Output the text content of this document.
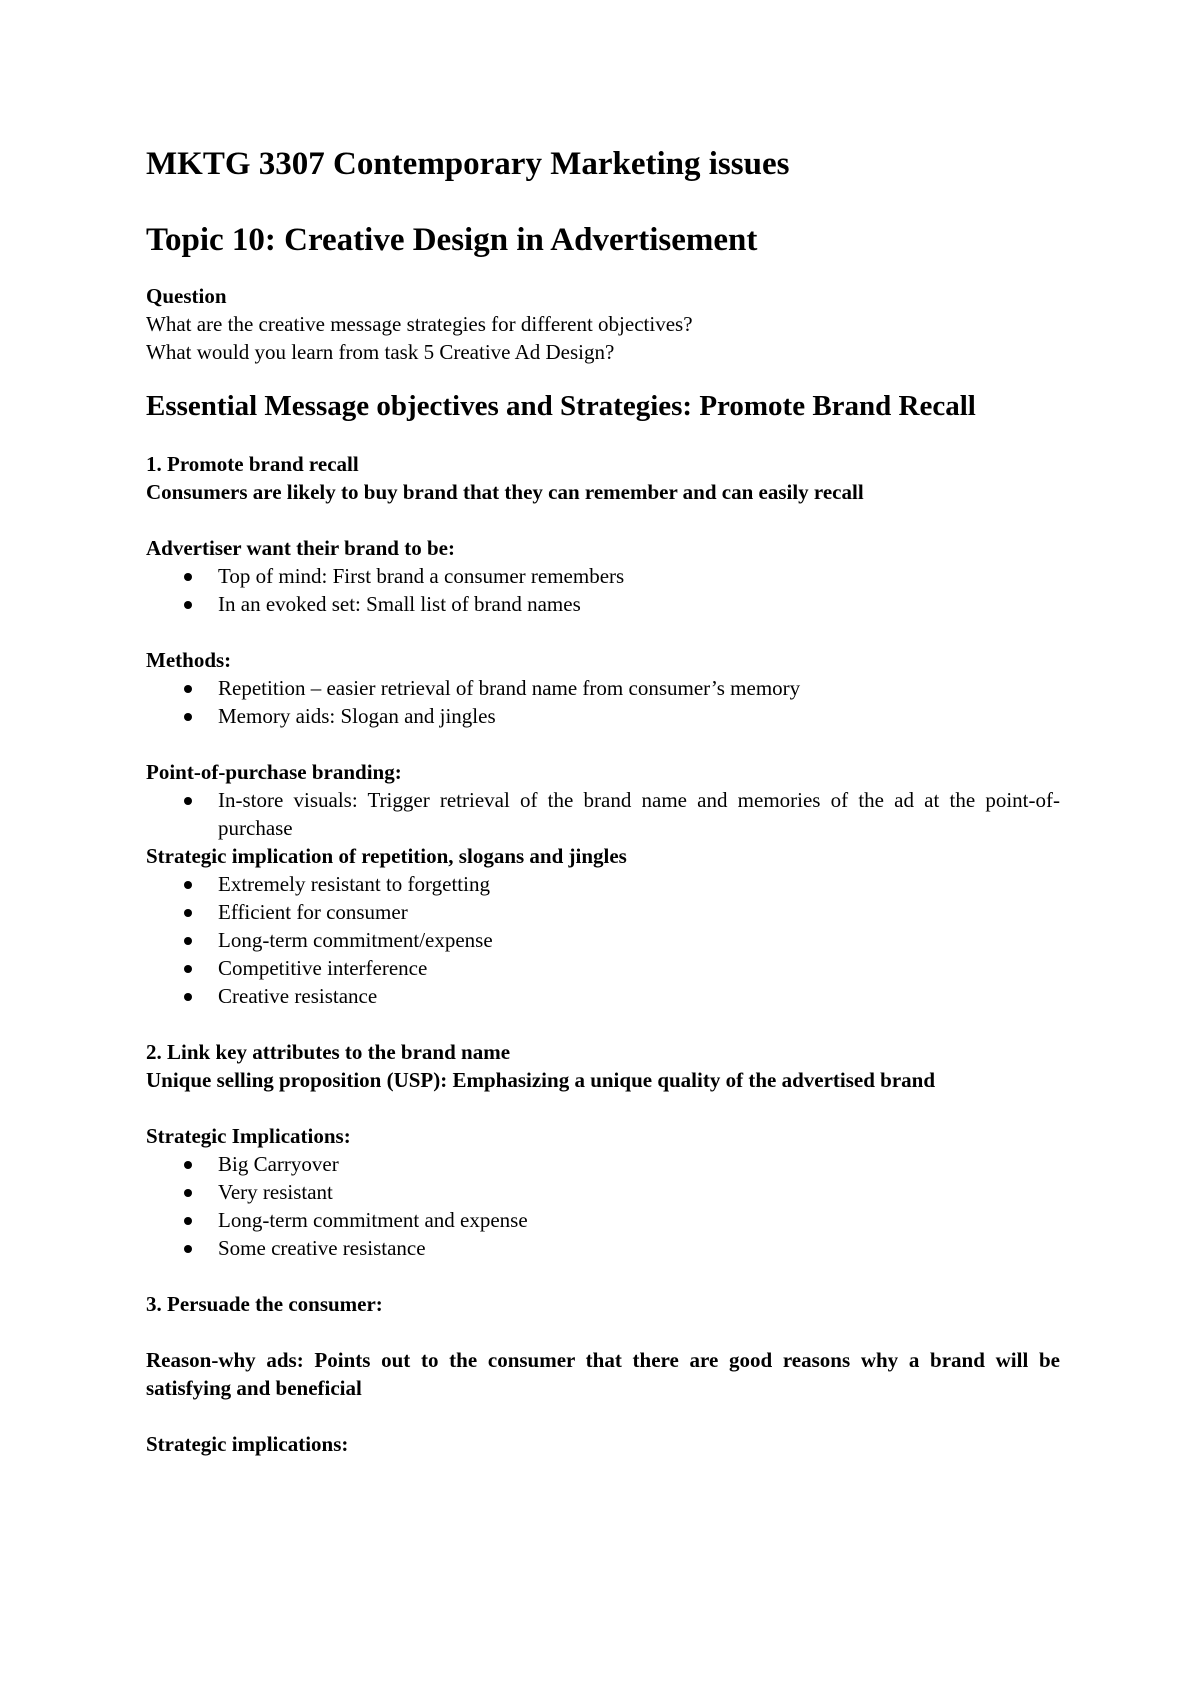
MKTG 3307 Contemporary Marketing issues
Topic 10: Creative Design in Advertisement

Question

What are the creative message strategies for different objectives?

What would you learn from task 5 Creative Ad Design?

Essential Message objectives and Strategies: Promote Brand Recall

1. Promote brand recall

Consumers are likely to buy brand that they can remember and can easily recall

Advertiser want their brand to be:

Top of mind: First brand a consumer remembers
In an evoked set: Small list of brand names

Methods:

Repetition – easier retrieval of brand name from consumer’s memory
Memory aids: Slogan and jingles

Point-of-purchase branding:

In-store visuals: Trigger retrieval of the brand name and memories of the ad at the point-of-purchase

Strategic implication of repetition, slogans and jingles

Extremely resistant to forgetting
Efficient for consumer
Long-term commitment/expense
Competitive interference
Creative resistance

2. Link key attributes to the brand name

Unique selling proposition (USP): Emphasizing a unique quality of the advertised brand

Strategic Implications:

Big Carryover
Very resistant
Long-term commitment and expense
Some creative resistance

3. Persuade the consumer:

Reason-why ads: Points out to the consumer that there are good reasons why a brand will be satisfying and beneficial

Strategic implications:
